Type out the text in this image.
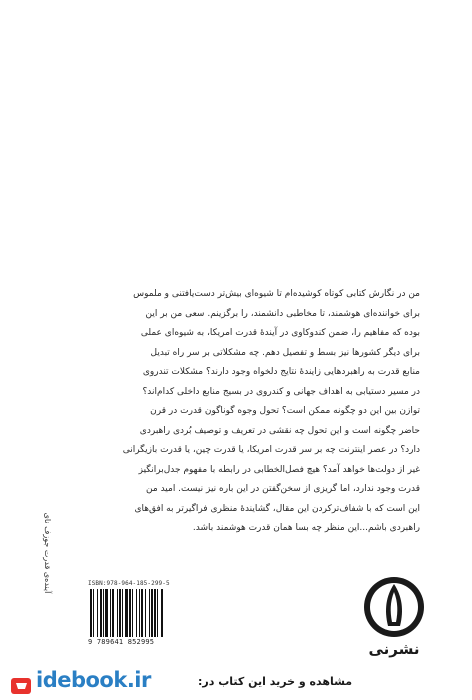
من در نگارش کتابی کوتاه کوشیده‌ام تا شیوه‌ای بیش‌تر دست‌یافتنی و ملموس
برای خواننده‌ای هوشمند، تا مخاطبی دانشمند، را برگزینم. سعی من بر این
بوده که مفاهیم را، ضمن کندوکاوی در آیندهٔ قدرت امریکا، به شیوه‌ای عملی
برای دیگر کشورها نیز بسط و تفصیل دهم. چه مشکلاتی بر سر راه تبدیل
منابع قدرت به راهبردهایی زایندهٔ نتایج دلخواه وجود دارند؟ مشکلات تندروی
در مسیر دستیابی به اهداف جهانی و کندروی در بسیج منابع داخلی کدام‌اند؟
توازن بین این دو چگونه ممکن است؟ تحول وجوه گوناگون قدرت در قرن
حاضر چگونه است و این تحول چه نقشی در تعریف و توصیف بُردی راهبردی
دارد؟ در عصر اینترنت چه بر سر قدرت امریکا، یا قدرت چین، یا قدرت بازیگرانی
غیر از دولت‌ها خواهد آمد؟ هیچ فصل‌الخطابی در رابطه با مفهوم جدل‌برانگیز
قدرت وجود ندارد، اما گریزی از سخن‌گفتن در این باره نیز نیست. امید من
این است که با شفاف‌ترکردن این مقال، گشایندهٔ منظری فراگیرتر به افق‌های
راهبردی باشم...این منظر چه بسا همان قدرت هوشمند باشد.
آینده‌ی قدرت جوزف نای	ISBN:978-964-185-299-5
9 789641 852995	نشرنی
idebook.ir	مشاهده و خرید این کتاب در:
